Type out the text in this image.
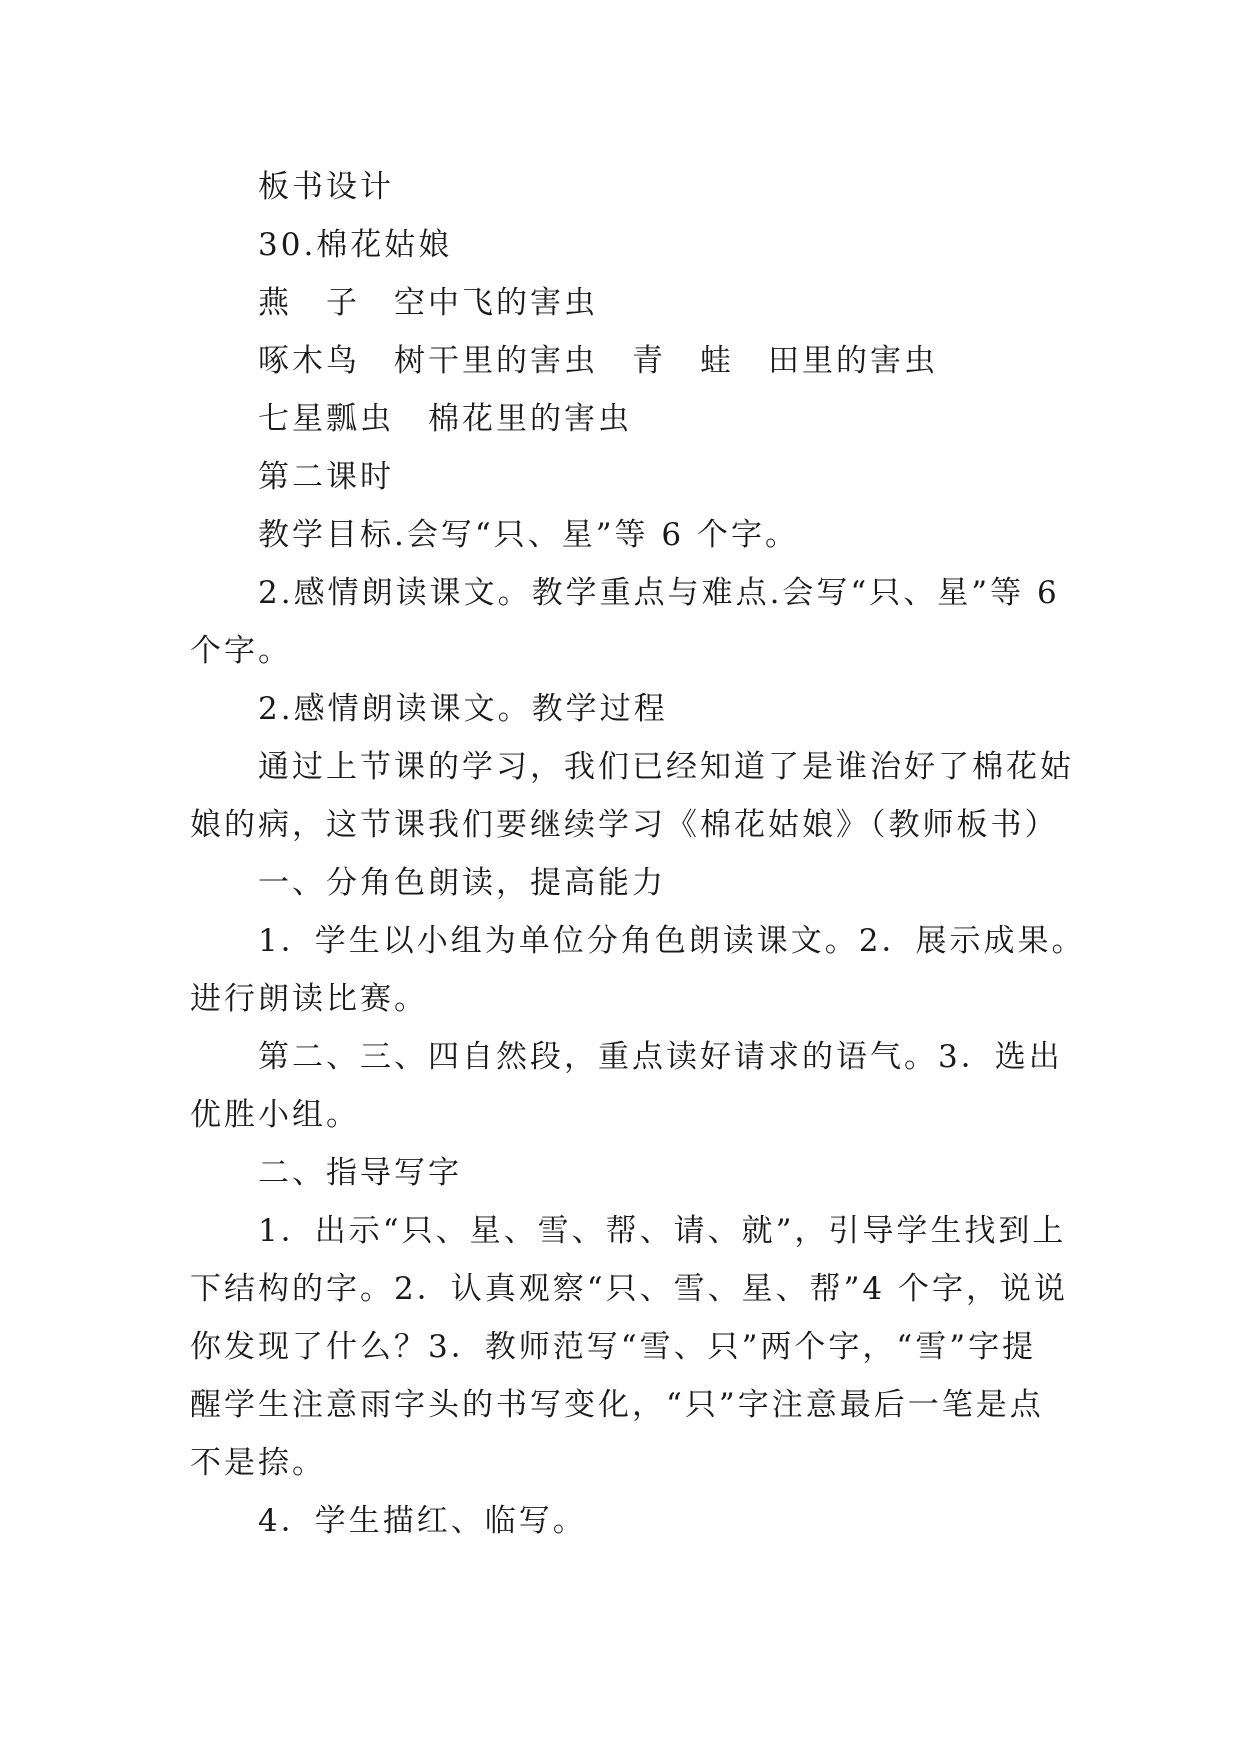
板书设计
30.棉花姑娘
燕　子　空中飞的害虫
啄木鸟　树干里的害虫　青　蛙　田里的害虫
七星瓢虫　棉花里的害虫
第二课时
教学目标.会写“只、星”等 6 个字。
2.感情朗读课文。教学重点与难点.会写“只、星”等 6
个字。
2.感情朗读课文。教学过程
通过上节课的学习，我们已经知道了是谁治好了棉花姑
娘的病，这节课我们要继续学习《棉花姑娘》（教师板书）
一、分角色朗读，提高能力
1．学生以小组为单位分角色朗读课文。2．展示成果。
进行朗读比赛。
第二、三、四自然段，重点读好请求的语气。3．选出
优胜小组。
二、指导写字
1．出示“只、星、雪、帮、请、就”，引导学生找到上
下结构的字。2．认真观察“只、雪、星、帮”4 个字，说说
你发现了什么？3．教师范写“雪、只”两个字，“雪”字提
醒学生注意雨字头的书写变化，“只”字注意最后一笔是点
不是捺。
4．学生描红、临写。
